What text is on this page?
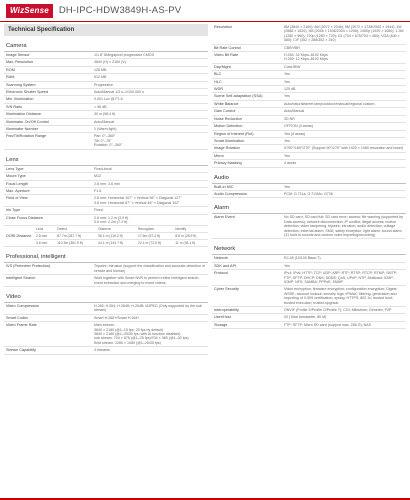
WizSense	DH-IPC-HDW3849H-AS-PV
Technical Specification
Camera
Image Sensor	1/1.8" 8Megapixel progressive CMOS
Max. Resolution	3840 (H) × 2160 (V)
ROM	128 MB
RAM	512 MB
Scanning System	Progressive
Electronic Shutter Speed	Auto/Manual 1/3 s–1/100,000 s
Min. Illumination	0.001 Lux @ F1.6
S/N Ratio	> 56 dB
Illumination Distance	30 m (98.4 ft)
Illuminator On/Off Control	Auto/Manual
Illuminator Number	1 (Warm light)
Pan/Tilt/Rotation Range	Pan: 0°–360°
Tilt: 0°–78°
Rotation: 0°–360°
Lens
Lens Type	Fixed-focal
Mount Type	M12
Focal Length	2.8 mm; 3.6 mm
Max. Aperture	F1.6
Field of View	2.8 mm: Horizontal 107° × Vertical 56° × Diagonal 127°
3.6 mm: Horizontal 87° × Vertical 46° × Diagonal 102°
Iris Type	Fixed
Close Focus Distance	2.8 mm: 1.2 m (3.9 ft)
3.6 mm: 2.2m (7.2 ft)
DORI Distance	Lens	Detect	Observe	Recognize	Identify
	2.8 mm	87.7m (287.7 ft)	35.1 m (115.2 ft)	17.5m (57.4 ft)	8.8 m (28.9 ft)
	3.6 mm	110.3m (361.9 ft)	44.1 m (144.7 ft)	22.1 m (72.5 ft)	11 m (36.1 ft)
Professional, intelligent
IVS (Perimeter Protection)	Tripwire; intrusion (support the classification and accurate detection of vehicle and human)
Intelligent Search	Work together with Smart NVR to perform refine intelligent search, event extraction and merging to event videos
Video
Video Compression	H.265; H.264; H.264H; H.264B; MJPEG (Only supported by the sub stream)
Smart Codec	Smart H.265+/Smart H.264+
Video Frame Rate	Main stream:
3840 × 2160 (@1–15 fps; 20 fps by default)
3840 × 2160 (@1–25/30 fps; with AI function disabled)
sub stream: 704 × 576 (@1–25 fps)/704 × 480 (@1–30 fps)
third stream: 1280 × 1080 (@1–25/30 fps)
Stream Capability	3 streams
Resolution	8M (3840 × 2160); 6M (3072 × 2048); 5M (3072 × 1728/2592 × 1944); 4M (2688 × 1520); 3M (2048 × 1536/2304 × 1296); 1080p (1920 × 1080); 1.3M (1280 × 960); 720p (1280 × 720); D1 (704 × 576/704 × 480); VGA (640 × 480); CIF (352 × 288/352 × 240)
Bit Rate Control	CBR/VBR
Video Bit Rate	H.264: 32 Kbps–8192 Kbps
H.265: 12 Kbps–8192 Kbps
Day/Night	Color/B/W
BLC	Yes
HLC	Yes
WDR	120 dB
Scene Self-adaptation (SSA)	Yes
White Balance	Auto/natural/street lamp/outdoor/manual/regional custom
Gain Control	Auto/Manual
Noise Reduction	3D NR
Motion Detection	OFF/ON (4 areas)
Region of Interest (RoI)	Yes (4 areas)
Smart Illumination	Yes
Image Rotation	0°/90°/180°/270° (Support 90°/270° with 1920 × 1080 resolution and lower)
Mirror	Yes
Privacy Masking	4 areas
Audio
Built-in MIC	Yes
Audio Compression	PCM; G.711a; G.711Mu; G726
Alarm
Alarm Event	No SD card; SD card full; SD card error; access; file warning (supported by Data access); network disconnection; IP conflict; illegal access; motion detection; video tampering; tripwire; intrusion; audio detection; voltage detection; external alarm; SMD; safety exception; light alarm; sound alarm (31 built-in sounds and custom voice importing/recording)
Network
Network	RJ-45 (10/100 Base-T)
SDK and API	Yes
Protocol	IPv4; IPv6; HTTP; TCP; UDP; ARP; RTP; RTSP; RTCP; RTMP; SMTP; FTP; SFTP; DHCP; DNS; DDNS; QoS; UPnP; NTP; Multicast; ICMP; IGMP; NFS; SAMBA; PPPoE; SNMP
Cyber Security	Video encryption; firmware encryption; configuration encryption; Digest; WSSE; account lockout; security logs; IP/MAC filtering; generation and importing of X.509 certification; syslog; HTTPS; 802.1x; trusted boot; trusted execution; trusted upgrade
Interoperability	ONVIF (Profile S/Profile G/Profile T); CGI; Milestone; Genetec; P2P
User/Host	20 (Total bandwidth: 80 M)
Storage	FTP; SFTP; Micro SD card (support max. 256 G); NAS
